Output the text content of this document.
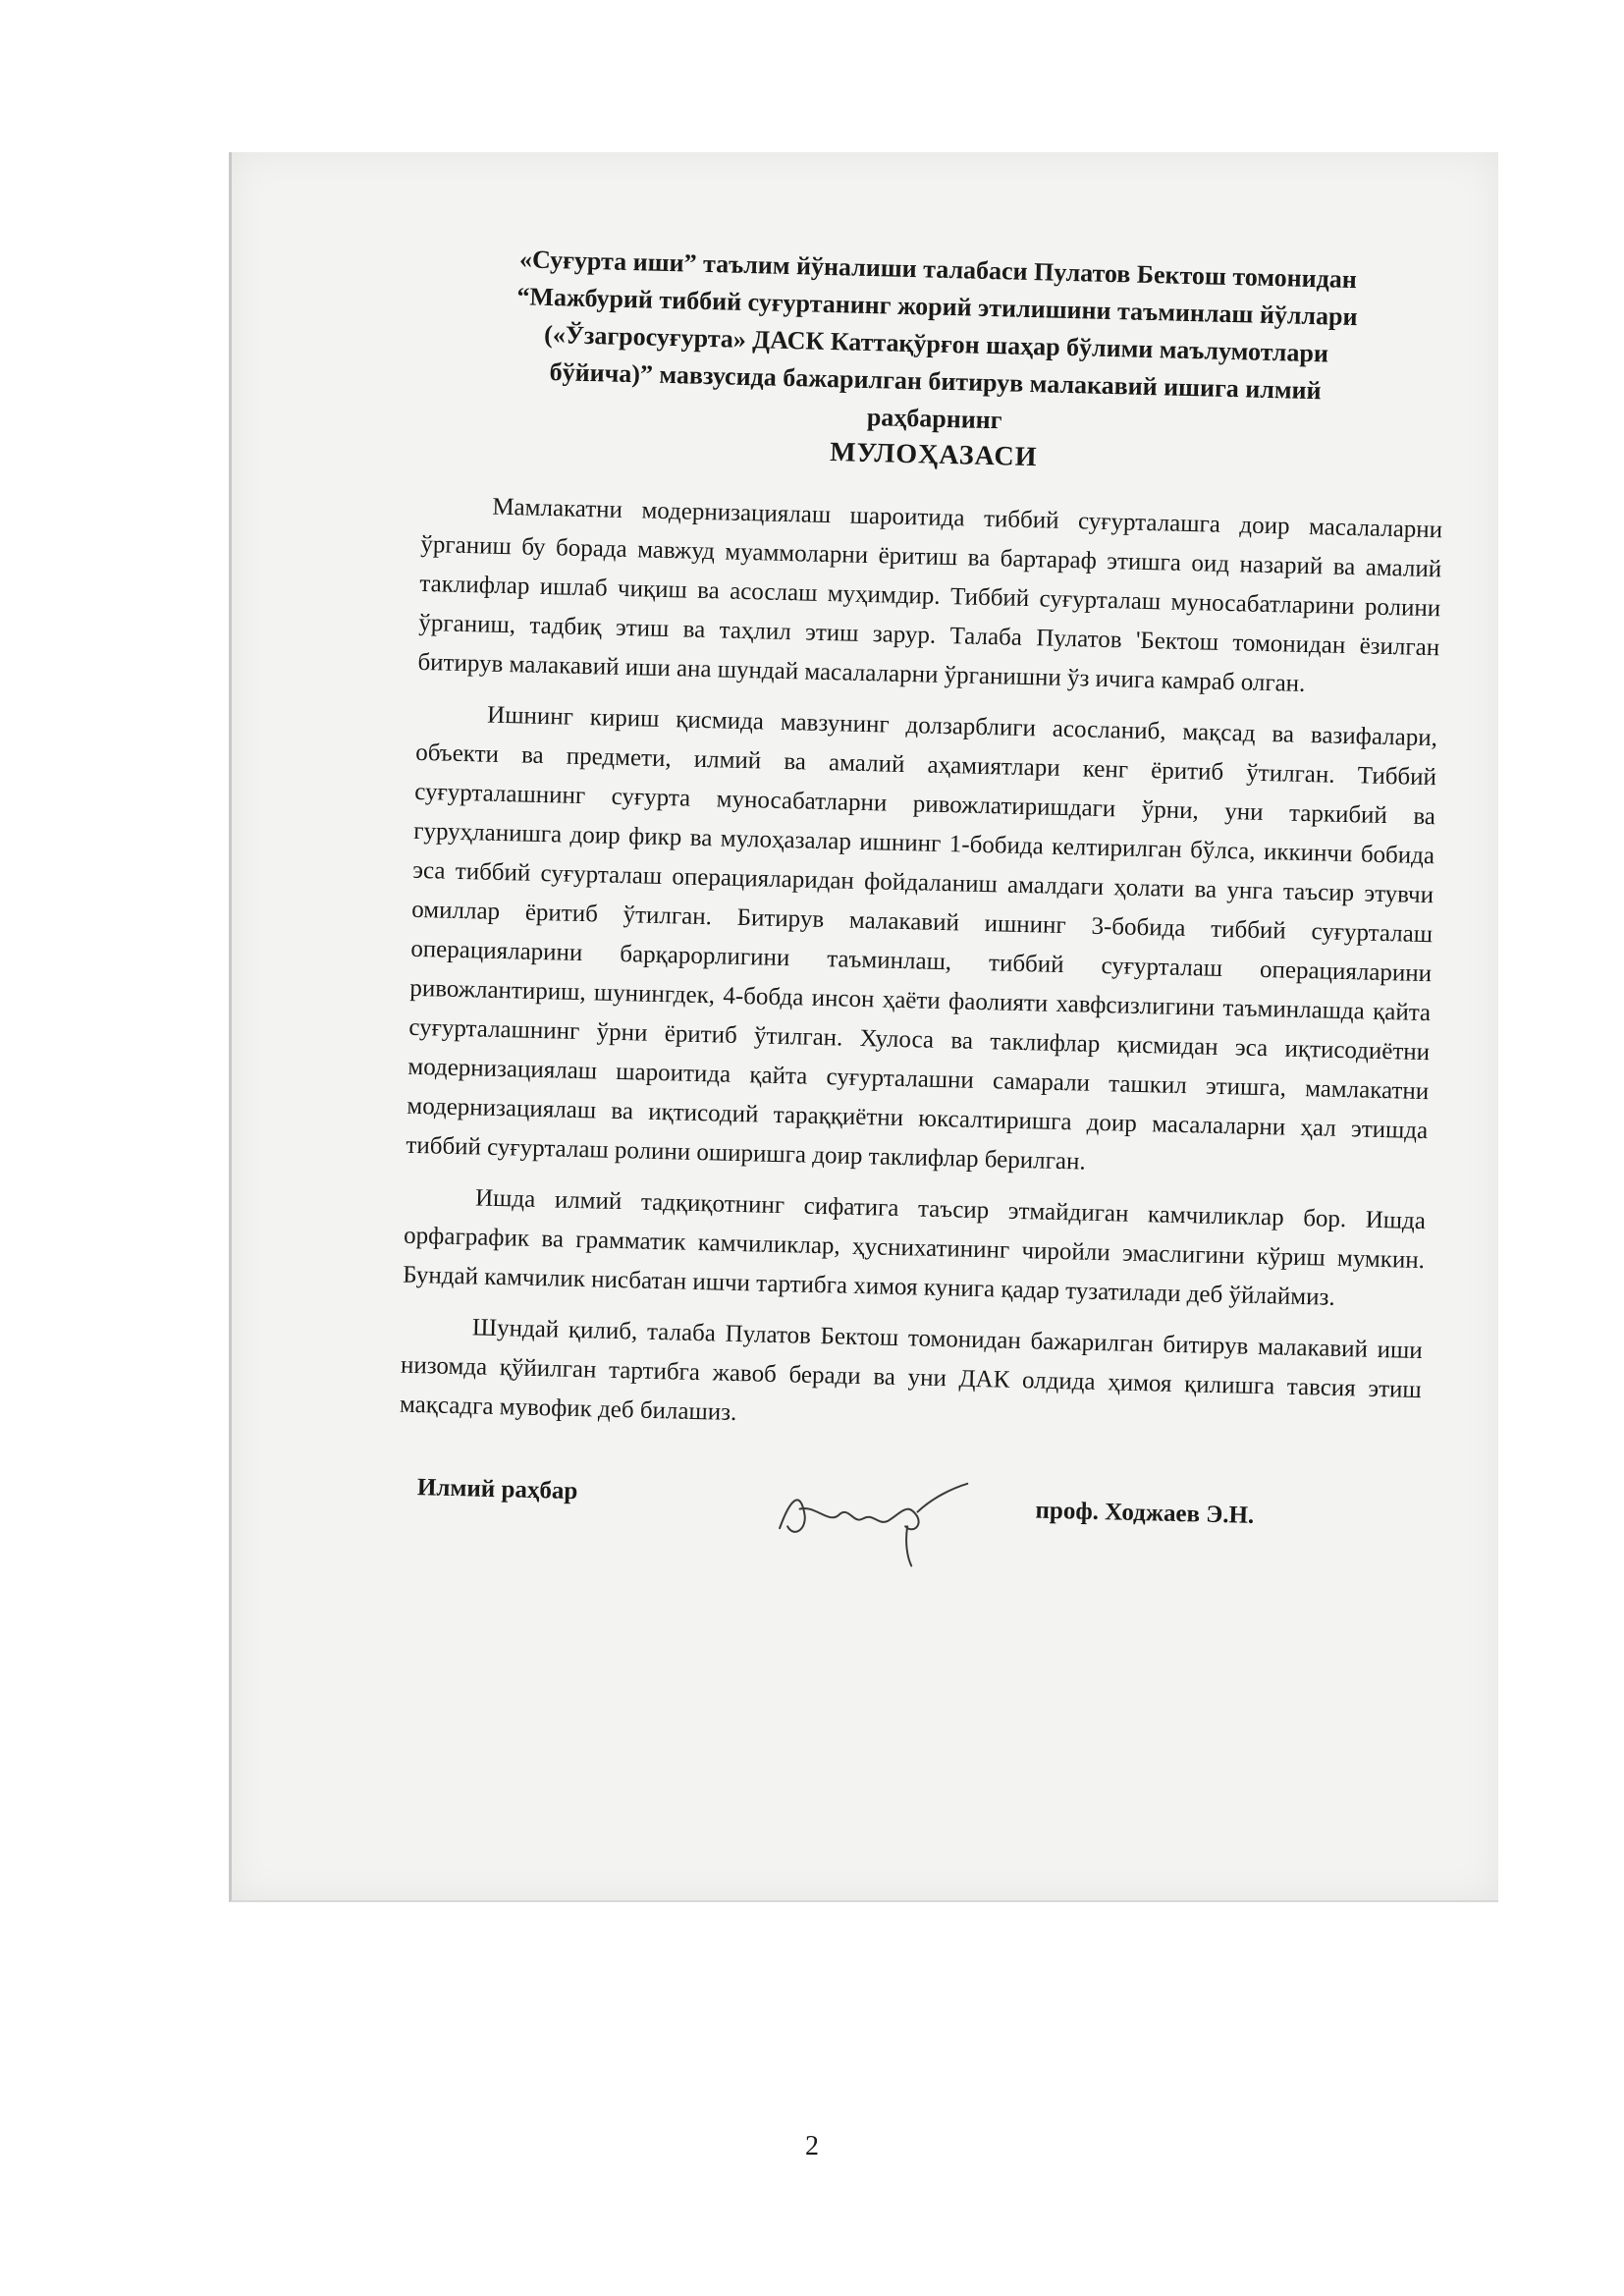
«Суғурта иши” таълим йўналиши талабаси Пулатов Бектош томонидан
“Мажбурий тиббий суғуртанинг жорий этилишини таъминлаш йўллари
(«Ўзагросуғурта» ДАСК Каттақўрғон шаҳар бўлими маълумотлари
бўйича)” мавзусида бажарилган битирув малакавий ишига илмий
раҳбарнинг
МУЛОҲАЗАСИ

Мамлакатни модернизациялаш шароитида тиббий суғурталашга доир масалаларни ўрганиш бу борада мавжуд муаммоларни ёритиш ва бартараф этишга оид назарий ва амалий таклифлар ишлаб чиқиш ва асослаш муҳимдир. Тиббий суғурталаш муносабатларини ролини ўрганиш, тадбиқ этиш ва таҳлил этиш зарур. Талаба Пулатов 'Бектош томонидан ёзилган битирув малакавий иши ана шундай масалаларни ўрганишни ўз ичига камраб олган.

Ишнинг кириш қисмида мавзунинг долзарблиги асосланиб, мақсад ва вазифалари, объекти ва предмети, илмий ва амалий аҳамиятлари кенг ёритиб ўтилган. Тиббий суғурталашнинг суғурта муносабатларни ривожлатиришдаги ўрни, уни таркибий ва гуруҳланишга доир фикр ва мулоҳазалар ишнинг 1-бобида келтирилган бўлса, иккинчи бобида эса тиббий суғурталаш операцияларидан фойдаланиш амалдаги ҳолати ва унга таъсир этувчи омиллар ёритиб ўтилган. Битирув малакавий ишнинг 3-бобида тиббий суғурталаш операцияларини барқарорлигини таъминлаш, тиббий суғурталаш операцияларини ривожлантириш, шунингдек, 4-бобда инсон ҳаёти фаолияти хавфсизлигини таъминлашда қайта суғурталашнинг ўрни ёритиб ўтилган. Хулоса ва таклифлар қисмидан эса иқтисодиётни модернизациялаш шароитида қайта суғурталашни самарали ташкил этишга, мамлакатни модернизациялаш ва иқтисодий тараққиётни юксалтиришга доир масалаларни ҳал этишда тиббий суғурталаш ролини оширишга доир таклифлар берилган.

Ишда илмий тадқиқотнинг сифатига таъсир этмайдиган камчиликлар бор. Ишда орфаграфик ва грамматик камчиликлар, ҳуснихатининг чиройли эмаслигини кўриш мумкин. Бундай камчилик нисбатан ишчи тартибга химоя кунига қадар тузатилади деб ўйлаймиз.

Шундай қилиб, талаба Пулатов Бектош томонидан бажарилган битирув малакавий иши низомда қўйилган тартибга жавоб беради ва уни ДАК олдида ҳимоя қилишга тавсия этиш мақсадга мувофик деб билашиз.

Илмий раҳбар
проф. Ходжаев Э.Н.
2
